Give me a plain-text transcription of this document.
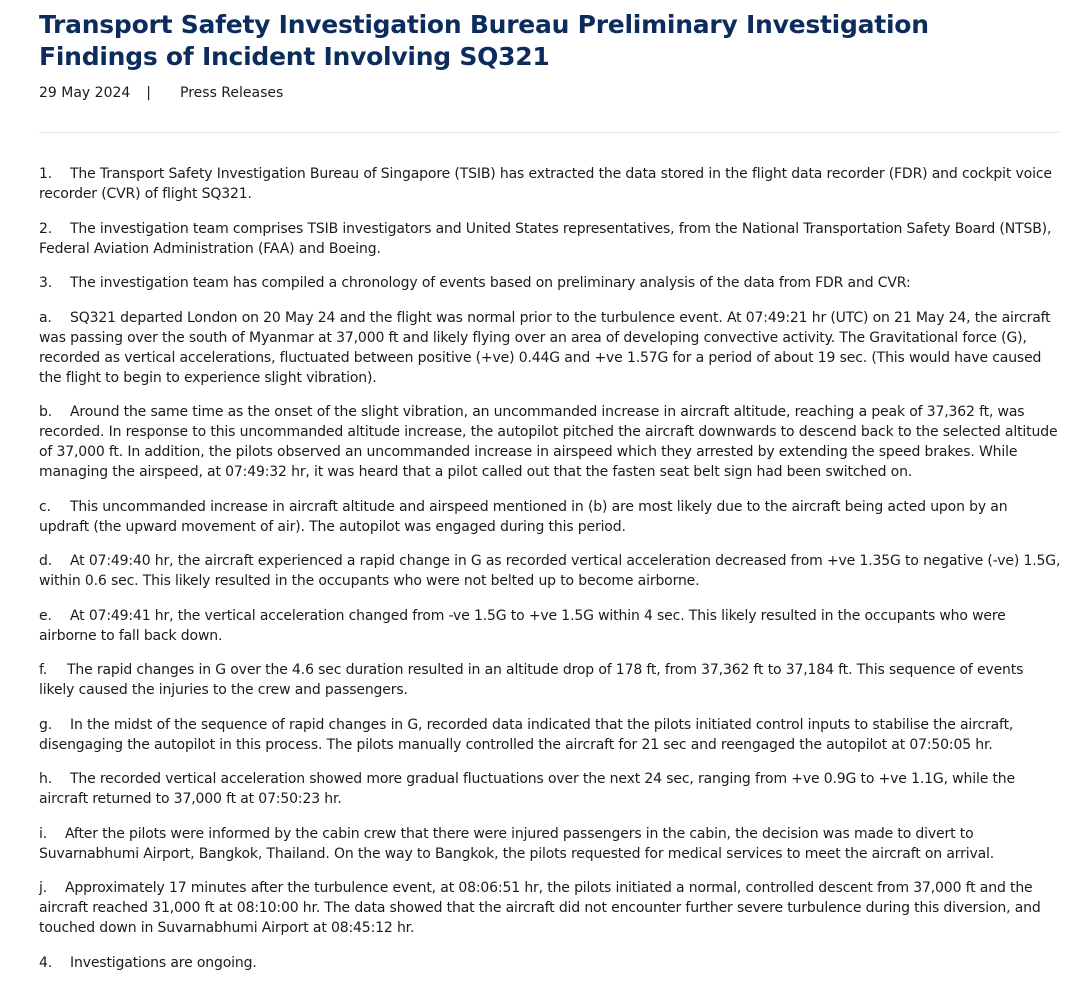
Transport Safety Investigation Bureau Preliminary Investigation Findings of Incident Involving SQ321
29 May 2024 | Press Releases

1. The Transport Safety Investigation Bureau of Singapore (TSIB) has extracted the data stored in the flight data recorder (FDR) and cockpit voice recorder (CVR) of flight SQ321.

2. The investigation team comprises TSIB investigators and United States representatives, from the National Transportation Safety Board (NTSB), Federal Aviation Administration (FAA) and Boeing.

3. The investigation team has compiled a chronology of events based on preliminary analysis of the data from FDR and CVR:

a. SQ321 departed London on 20 May 24 and the flight was normal prior to the turbulence event. At 07:49:21 hr (UTC) on 21 May 24, the aircraft was passing over the south of Myanmar at 37,000 ft and likely flying over an area of developing convective activity. The Gravitational force (G), recorded as vertical accelerations, fluctuated between positive (+ve) 0.44G and +ve 1.57G for a period of about 19 sec. (This would have caused the flight to begin to experience slight vibration).

b. Around the same time as the onset of the slight vibration, an uncommanded increase in aircraft altitude, reaching a peak of 37,362 ft, was recorded. In response to this uncommanded altitude increase, the autopilot pitched the aircraft downwards to descend back to the selected altitude of 37,000 ft. In addition, the pilots observed an uncommanded increase in airspeed which they arrested by extending the speed brakes. While managing the airspeed, at 07:49:32 hr, it was heard that a pilot called out that the fasten seat belt sign had been switched on.

c. This uncommanded increase in aircraft altitude and airspeed mentioned in (b) are most likely due to the aircraft being acted upon by an updraft (the upward movement of air). The autopilot was engaged during this period.

d. At 07:49:40 hr, the aircraft experienced a rapid change in G as recorded vertical acceleration decreased from +ve 1.35G to negative (-ve) 1.5G, within 0.6 sec. This likely resulted in the occupants who were not belted up to become airborne.

e. At 07:49:41 hr, the vertical acceleration changed from -ve 1.5G to +ve 1.5G within 4 sec. This likely resulted in the occupants who were airborne to fall back down.

f. The rapid changes in G over the 4.6 sec duration resulted in an altitude drop of 178 ft, from 37,362 ft to 37,184 ft. This sequence of events likely caused the injuries to the crew and passengers.

g. In the midst of the sequence of rapid changes in G, recorded data indicated that the pilots initiated control inputs to stabilise the aircraft, disengaging the autopilot in this process. The pilots manually controlled the aircraft for 21 sec and reengaged the autopilot at 07:50:05 hr.

h. The recorded vertical acceleration showed more gradual fluctuations over the next 24 sec, ranging from +ve 0.9G to +ve 1.1G, while the aircraft returned to 37,000 ft at 07:50:23 hr.

i. After the pilots were informed by the cabin crew that there were injured passengers in the cabin, the decision was made to divert to Suvarnabhumi Airport, Bangkok, Thailand. On the way to Bangkok, the pilots requested for medical services to meet the aircraft on arrival.

j. Approximately 17 minutes after the turbulence event, at 08:06:51 hr, the pilots initiated a normal, controlled descent from 37,000 ft and the aircraft reached 31,000 ft at 08:10:00 hr. The data showed that the aircraft did not encounter further severe turbulence during this diversion, and touched down in Suvarnabhumi Airport at 08:45:12 hr.

4. Investigations are ongoing.
